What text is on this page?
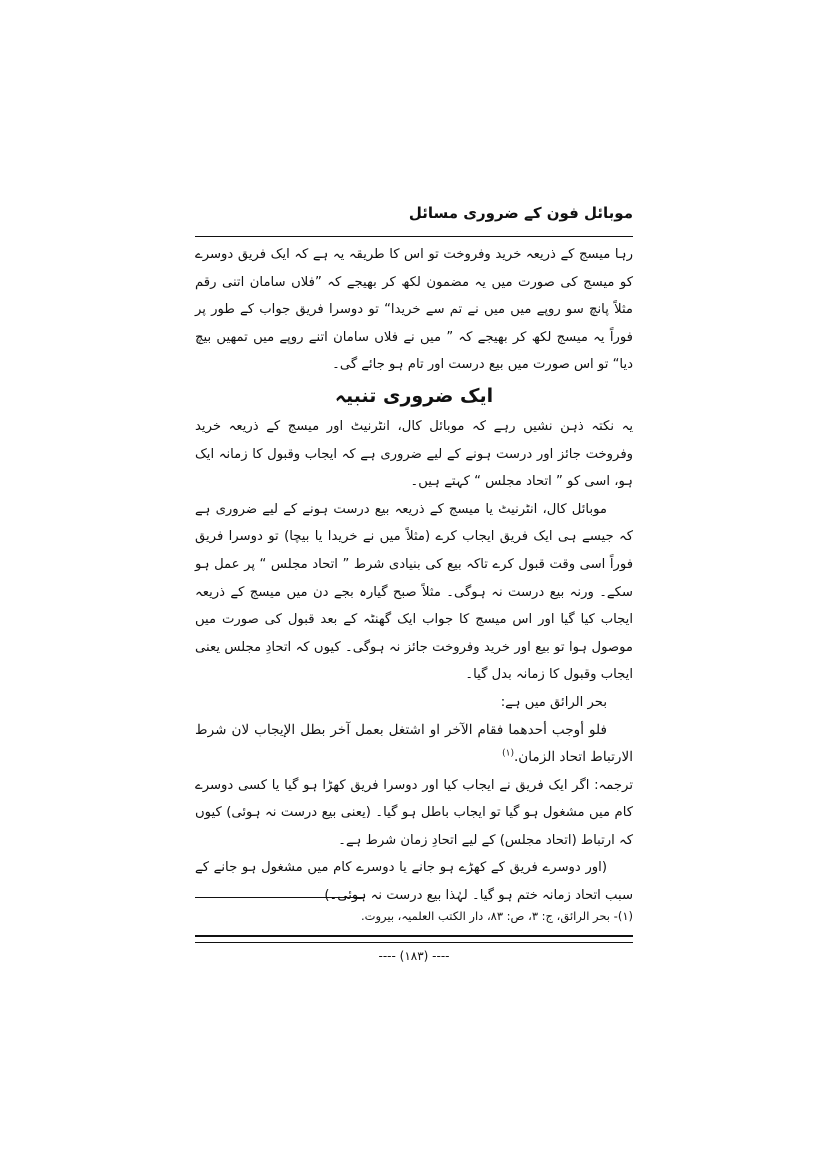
موبائل فون کے ضروری مسائل

رہا میسج کے ذریعہ خرید وفروخت تو اس کا طریقہ یہ ہے کہ ایک فریق دوسرے کو میسج کی صورت میں یہ مضمون لکھ کر بھیجے کہ ”فلاں سامان اتنی رقم مثلاً پانچ سو روپے میں میں نے تم سے خریدا“ تو دوسرا فریق جواب کے طور پر فوراً یہ میسج لکھ کر بھیجے کہ ” میں نے فلاں سامان اتنے روپے میں تمھیں بیچ دیا“ تو اس صورت میں بیع درست اور تام ہو جائے گی۔

ایک ضروری تنبیہ

یہ نکتہ ذہن نشیں رہے کہ موبائل کال، انٹرنیٹ اور میسج کے ذریعہ خرید وفروخت جائز اور درست ہونے کے لیے ضروری ہے کہ ایجاب وقبول کا زمانہ ایک ہو، اسی کو ” اتحاد مجلس “ کہتے ہیں۔

موبائل کال، انٹرنیٹ یا میسج کے ذریعہ بیع درست ہونے کے لیے ضروری ہے کہ جیسے ہی ایک فریق ایجاب کرے (مثلاً میں نے خریدا یا بیچا) تو دوسرا فریق فوراً اسی وقت قبول کرے تاکہ بیع کی بنیادی شرط ” اتحاد مجلس “ پر عمل ہو سکے۔ ورنہ بیع درست نہ ہوگی۔ مثلاً صبح گیارہ بجے دن میں میسج کے ذریعہ ایجاب کیا گیا اور اس میسج کا جواب ایک گھنٹہ کے بعد قبول کی صورت میں موصول ہوا تو بیع اور خرید وفروخت جائز نہ ہوگی۔ کیوں کہ اتحادِ مجلس یعنی ایجاب وقبول کا زمانہ بدل گیا۔

بحر الرائق میں ہے:

فلو أوجب أحدهما فقام الآخر او اشتغل بعمل آخر بطل الإيجاب لان شرط الارتباط اتحاد الزمان.$^{(۱)}$

ترجمہ: اگر ایک فریق نے ایجاب کیا اور دوسرا فریق کھڑا ہو گیا یا کسی دوسرے کام میں مشغول ہو گیا تو ایجاب باطل ہو گیا۔ (یعنی بیع درست نہ ہوئی) کیوں کہ ارتباط (اتحاد مجلس) کے لیے اتحادِ زمان شرط ہے۔

(اور دوسرے فریق کے کھڑے ہو جانے یا دوسرے کام میں مشغول ہو جانے کے سبب اتحاد زمانہ ختم ہو گیا۔ لہٰذا بیع درست نہ ہوئی۔)

(۱)- بحر الرائق، ج: ۳، ص: ۸۳، دار الکتب العلمیہ، بیروت.
---- (۱۸۳) ----
